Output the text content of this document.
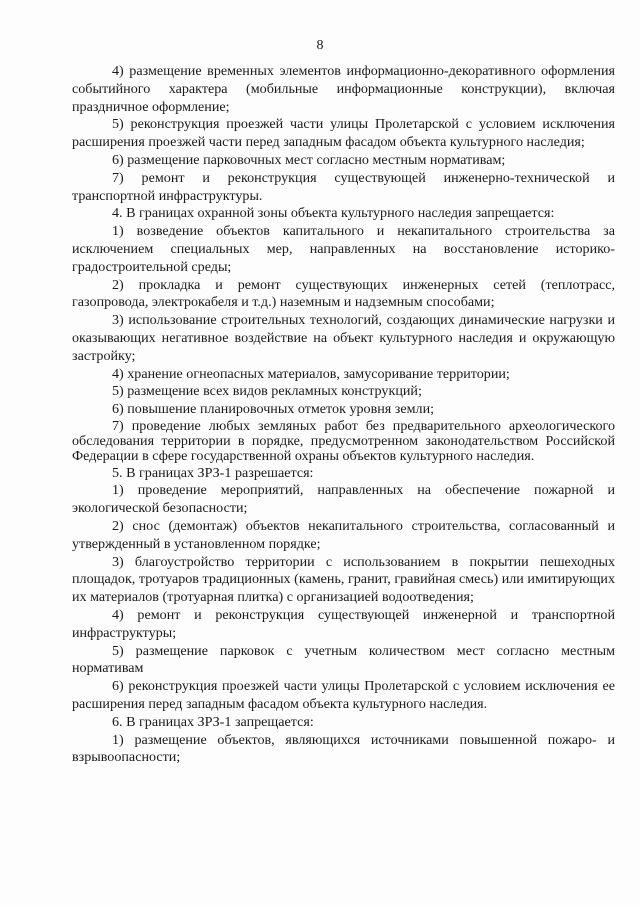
8

4) размещение временных элементов информационно-декоративного оформления событийного характера (мобильные информационные конструкции), включая праздничное оформление;

5) реконструкция проезжей части улицы Пролетарской с условием исключения расширения проезжей части перед западным фасадом объекта культурного наследия;

6) размещение парковочных мест согласно местным нормативам;

7) ремонт и реконструкция существующей инженерно-технической и транспортной инфраструктуры.

4. В границах охранной зоны объекта культурного наследия запрещается:

1) возведение объектов капитального и некапитального строительства за исключением специальных мер, направленных на восстановление историко-градостроительной среды;

2) прокладка и ремонт существующих инженерных сетей (теплотрасс, газопровода, электрокабеля и т.д.) наземным и надземным способами;

3) использование строительных технологий, создающих динамические нагрузки и оказывающих негативное воздействие на объект культурного наследия и окружающую застройку;

4) хранение огнеопасных материалов, замусоривание территории;

5) размещение всех видов рекламных конструкций;

6) повышение планировочных отметок уровня земли;

7) проведение любых земляных работ без предварительного археологического обследования территории в порядке, предусмотренном законодательством Российской Федерации в сфере государственной охраны объектов культурного наследия.

5. В границах ЗРЗ-1 разрешается:

1) проведение мероприятий, направленных на обеспечение пожарной и экологической безопасности;

2) снос (демонтаж) объектов некапитального строительства, согласованный и утвержденный в установленном порядке;

3) благоустройство территории с использованием в покрытии пешеходных площадок, тротуаров традиционных (камень, гранит, гравийная смесь) или имитирующих их материалов (тротуарная плитка) с организацией водоотведения;

4) ремонт и реконструкция существующей инженерной и транспортной инфраструктуры;

5) размещение парковок с учетным количеством мест согласно местным нормативам

6) реконструкция проезжей части улицы Пролетарской с условием исключения ее расширения перед западным фасадом объекта культурного наследия.

6. В границах ЗРЗ-1 запрещается:

1) размещение объектов, являющихся источниками повышенной пожаро- и взрывоопасности;
